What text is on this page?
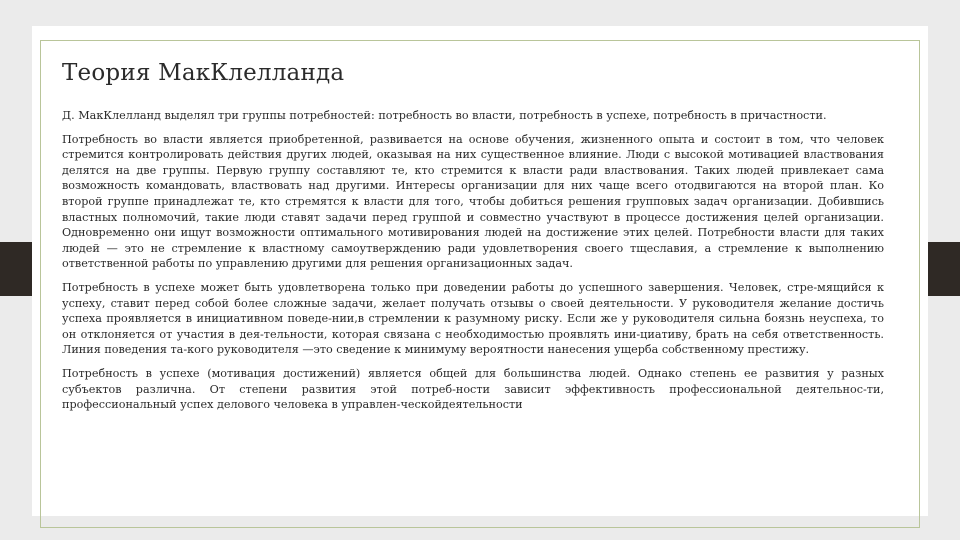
Теория МакКлелланда

Д. МакКлелланд выделял три группы потребностей: потребность во власти, потребность в успехе, потребность в причастности.

Потребность во власти является приобретенной, развивается на основе обучения, жизненного опыта и состоит в том, что человек стремится контролировать действия других людей, оказывая на них существенное влияние. Люди с высокой мотивацией властвования делятся на две группы. Первую группу составляют те, кто стремится к власти ради властвования. Таких людей привлекает сама возможность командовать, властвовать над другими. Интересы организации для них чаще всего отодвигаются на второй план. Ко второй группе принадлежат те, кто стремятся к власти для того, чтобы добиться решения групповых задач организации. Добившись властных полномочий, такие люди ставят задачи перед группой и совместно участвуют в процессе достижения целей организации. Одновременно они ищут возможности оптимального мотивирования людей на достижение этих целей. Потребности власти для таких людей — это не стремление к властному самоутверждению ради удовлетворения своего тщеславия, а стремление к выполнению ответственной работы по управлению другими для решения организационных задач.

Потребность в успехе может быть удовлетворена только при доведении работы до успешного завершения. Человек, стре-мящийся к успеху, ставит перед собой более сложные задачи, желает получать отзывы о своей деятельности. У руководителя желание достичь успеха проявляется в инициативном поведе-нии,в стремлении к разумному риску. Если же у руководителя сильна боязнь неуспеха, то он отклоняется от участия в дея-тельности, которая связана с необходимостью проявлять ини-циативу, брать на себя ответственность. Линия поведения та-кого руководителя —это сведение к минимуму вероятности нанесения ущерба собственному престижу.

Потребность в успехе (мотивация достижений) является общей для большинства людей. Однако степень ее развития у разных субъектов различна. От степени развития этой потреб-ности зависит эффективность профессиональной деятельнос-ти, профессиональный успех делового человека в управлен-ческойдеятельности
